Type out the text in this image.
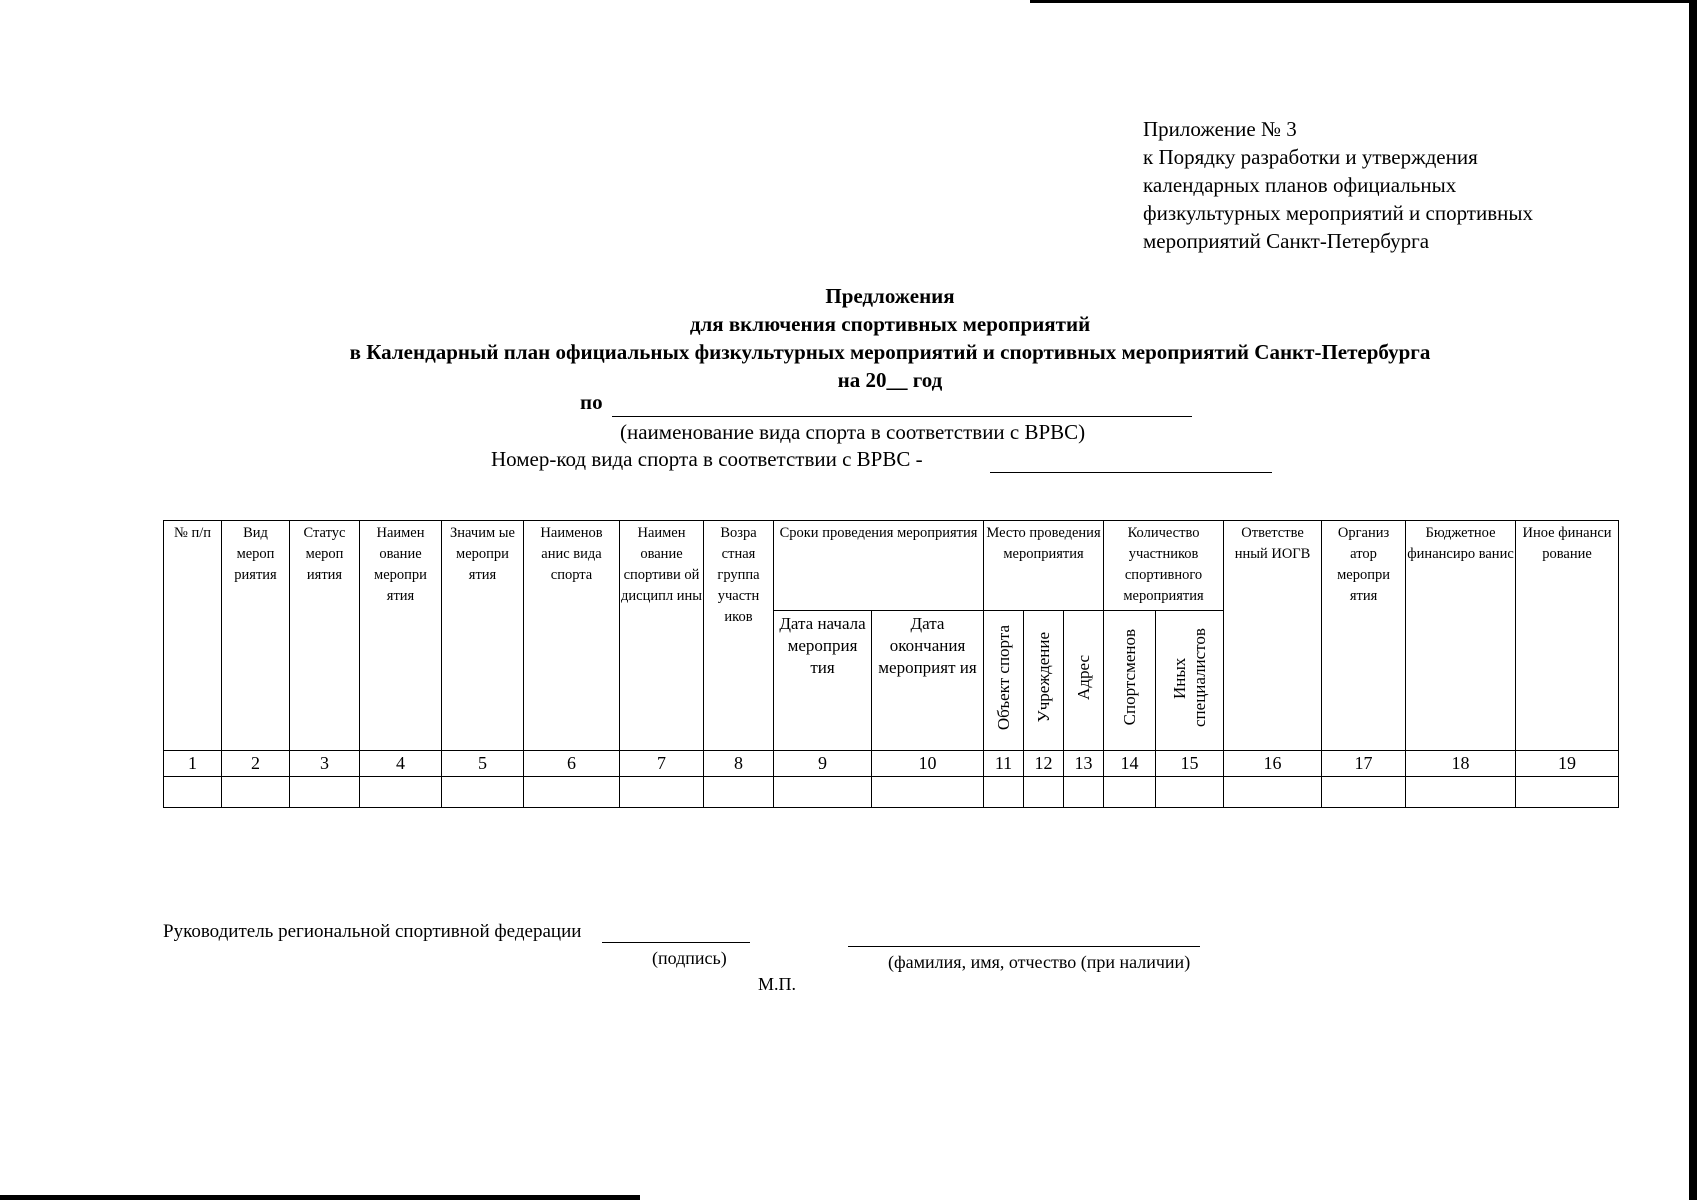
Приложение № 3
к Порядку разработки и утверждения
календарных планов официальных
физкультурных мероприятий и спортивных
мероприятий Санкт-Петербурга
Предложения
для включения спортивных мероприятий
в Календарный план официальных физкультурных мероприятий и спортивных мероприятий Санкт-Петербурга
на 20__ год
по
(наименование вида спорта в соответствии с ВРВС)
Номер-код вида спорта в соответствии с ВРВС -
№ п/п	Вид мероп риятия	Статус мероп иятия	Наимен ование меропри ятия	Значим ые меропри ятия	Наименов анис вида спорта	Наимен ование спортиви ой дисципл ины	Возра стная группа участн иков	Сроки проведения мероприятия		Место проведения мероприятия			Количество участников спортивного мероприятия		Ответстве нный ИОГВ	Организ атор меропри ятия	Бюджетное финансиро ванис	Иное финанси рование
								Дата начала мероприя тия	Дата окончания мероприят ия	Объект спорта	Учреждение	Адрес	Спортсменов	Иных специалистов				
1	2	3	4	5	6	7	8	9	10	11	12	13	14	15	16	17	18	19

Руководитель региональной спортивной федерации
(подпись)	(фамилия, имя, отчество (при наличии)
М.П.
